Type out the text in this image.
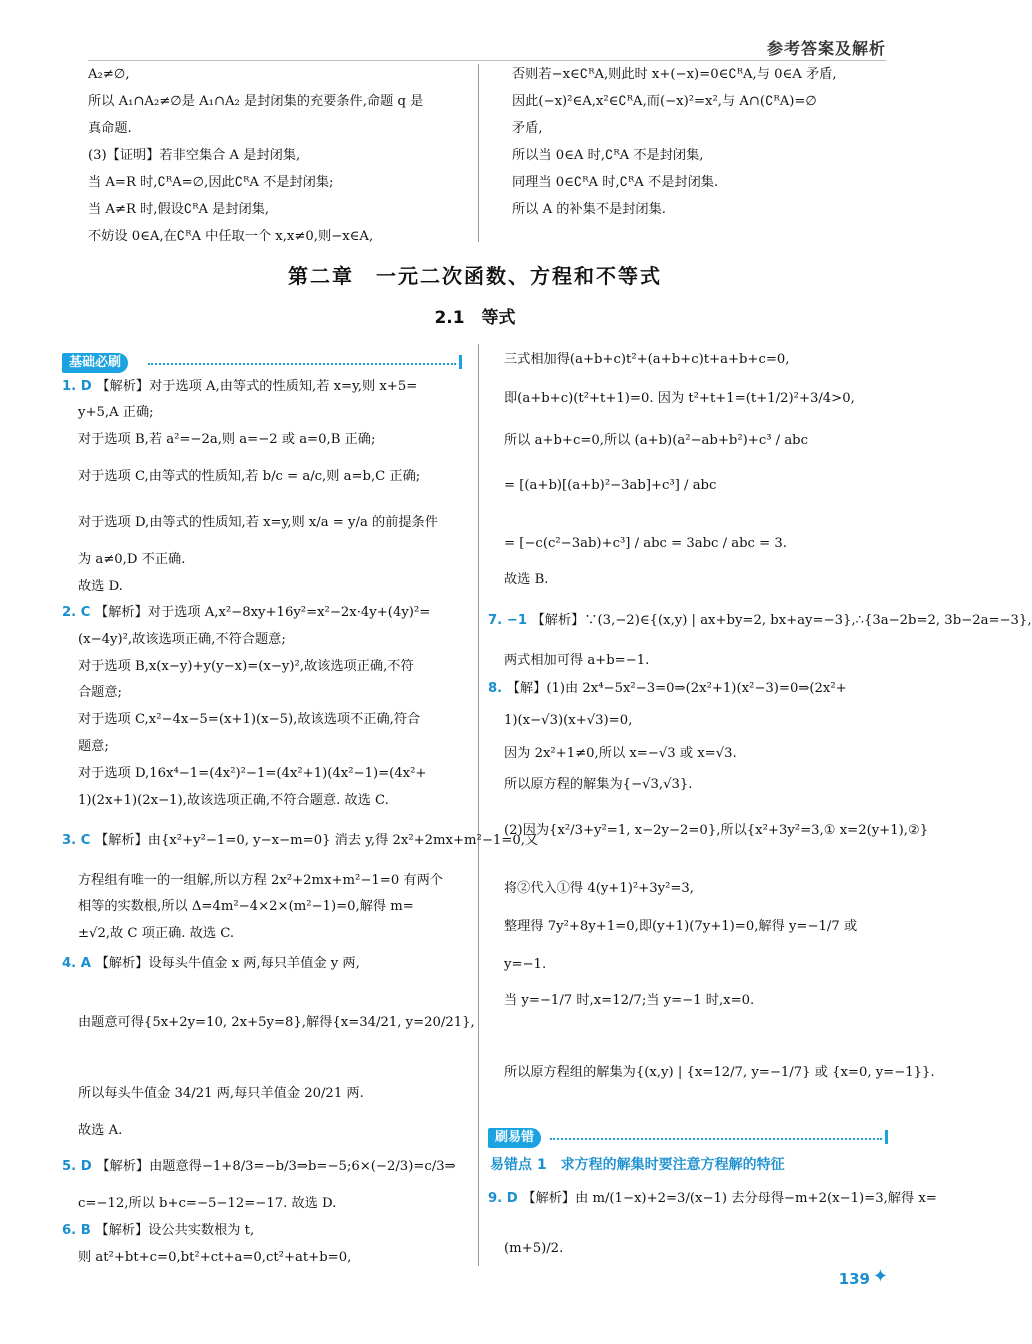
参考答案及解析
A₂≠∅,
所以 A₁∩A₂≠∅是 A₁∩A₂ 是封闭集的充要条件,命题 q 是
真命题.
(3)【证明】若非空集合 A 是封闭集,
当 A=R 时,∁ᴿA=∅,因此∁ᴿA 不是封闭集;
当 A≠R 时,假设∁ᴿA 是封闭集,
不妨设 0∈A,在∁ᴿA 中任取一个 x,x≠0,则−x∈A,
否则若−x∈∁ᴿA,则此时 x+(−x)=0∈∁ᴿA,与 0∈A 矛盾,
因此(−x)²∈A,x²∈∁ᴿA,而(−x)²=x²,与 A∩(∁ᴿA)=∅
矛盾,
所以当 0∈A 时,∁ᴿA 不是封闭集,
同理当 0∈∁ᴿA 时,∁ᴿA 不是封闭集.
所以 A 的补集不是封闭集.
第二章　一元二次函数、方程和不等式
2.1　等式
基础必刷
1. D 【解析】对于选项 A,由等式的性质知,若 x=y,则 x+5=
y+5,A 正确;
对于选项 B,若 a²=−2a,则 a=−2 或 a=0,B 正确;
对于选项 C,由等式的性质知,若 b/c = a/c,则 a=b,C 正确;
对于选项 D,由等式的性质知,若 x=y,则 x/a = y/a 的前提条件
为 a≠0,D 不正确.
故选 D.
2. C 【解析】对于选项 A,x²−8xy+16y²=x²−2x·4y+(4y)²=
(x−4y)²,故该选项正确,不符合题意;
对于选项 B,x(x−y)+y(y−x)=(x−y)²,故该选项正确,不符
合题意;
对于选项 C,x²−4x−5=(x+1)(x−5),故该选项不正确,符合
题意;
对于选项 D,16x⁴−1=(4x²)²−1=(4x²+1)(4x²−1)=(4x²+
1)(2x+1)(2x−1),故该选项正确,不符合题意. 故选 C.
3. C 【解析】由{x²+y²−1=0, y−x−m=0} 消去 y,得 2x²+2mx+m²−1=0,又
方程组有唯一的一组解,所以方程 2x²+2mx+m²−1=0 有两个
相等的实数根,所以 Δ=4m²−4×2×(m²−1)=0,解得 m=
±√2,故 C 项正确. 故选 C.
4. A 【解析】设每头牛值金 x 两,每只羊值金 y 两,
由题意可得{5x+2y=10, 2x+5y=8},解得{x=34/21, y=20/21},
所以每头牛值金 34/21 两,每只羊值金 20/21 两.
故选 A.
5. D 【解析】由题意得−1+8/3=−b/3⇒b=−5;6×(−2/3)=c/3⇒
c=−12,所以 b+c=−5−12=−17. 故选 D.
6. B 【解析】设公共实数根为 t,
则 at²+bt+c=0,bt²+ct+a=0,ct²+at+b=0,
三式相加得(a+b+c)t²+(a+b+c)t+a+b+c=0,
即(a+b+c)(t²+t+1)=0. 因为 t²+t+1=(t+1/2)²+3/4>0,
所以 a+b+c=0,所以 (a+b)(a²−ab+b²)+c³ / abc
= [(a+b)[(a+b)²−3ab]+c³] / abc
= [−c(c²−3ab)+c³] / abc = 3abc / abc = 3.
故选 B.
7. −1 【解析】∵(3,−2)∈{(x,y) | ax+by=2, bx+ay=−3},∴{3a−2b=2, 3b−2a=−3},
两式相加可得 a+b=−1.
8. 【解】(1)由 2x⁴−5x²−3=0⇒(2x²+1)(x²−3)=0⇒(2x²+
1)(x−√3)(x+√3)=0,
因为 2x²+1≠0,所以 x=−√3 或 x=√3.
所以原方程的解集为{−√3,√3}.
(2)因为{x²/3+y²=1, x−2y−2=0},所以{x²+3y²=3,① x=2(y+1),②}
将②代入①得 4(y+1)²+3y²=3,
整理得 7y²+8y+1=0,即(y+1)(7y+1)=0,解得 y=−1/7 或
y=−1.
当 y=−1/7 时,x=12/7;当 y=−1 时,x=0.
所以原方程组的解集为{(x,y) | {x=12/7, y=−1/7} 或 {x=0, y=−1}}.
刷易错
易错点 1　求方程的解集时要注意方程解的特征
9. D 【解析】由 m/(1−x)+2=3/(x−1) 去分母得−m+2(x−1)=3,解得 x=
(m+5)/2.
139 ✦
